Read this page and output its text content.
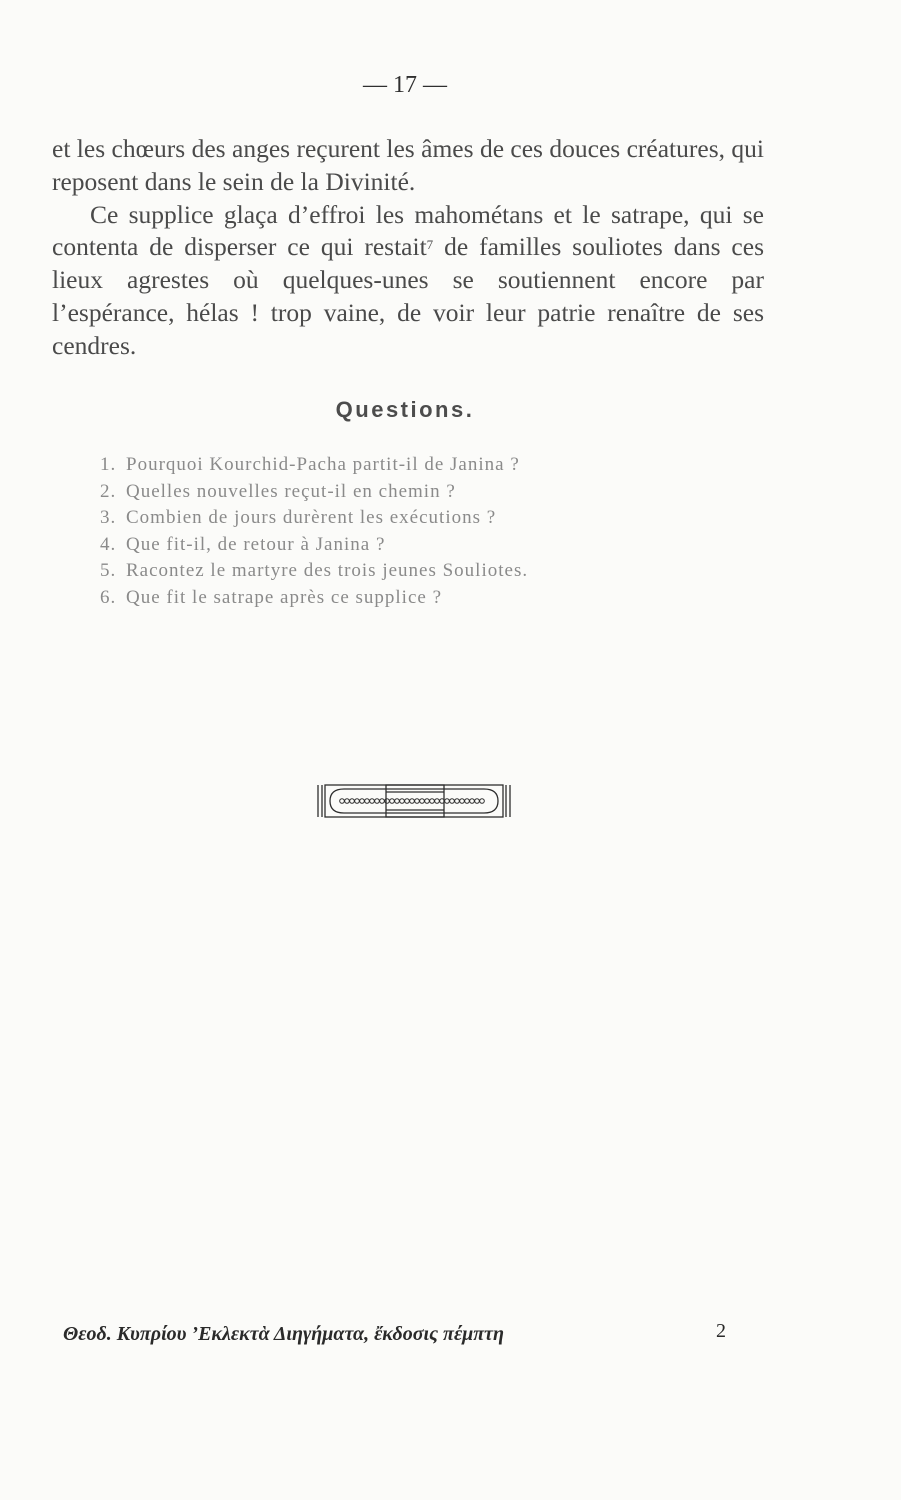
— 17 —

et les chœurs des anges reçurent les âmes de ces douces créatures, qui reposent dans le sein de la Divinité.

Ce supplice glaça d’effroi les mahométans et le satrape, qui se contenta de disperser ce qui restait$^7$ de familles souliotes dans ces lieux agrestes où quelques-unes se soutiennent encore par l’espérance, hélas ! trop vaine, de voir leur patrie renaître de ses cendres.

Questions.
1. Pourquoi Kourchid-Pacha partit-il de Janina ?
2. Quelles nouvelles reçut-il en chemin ?
3. Combien de jours durèrent les exécutions ?
4. Que fit-il, de retour à Janina ?
5. Racontez le martyre des trois jeunes Souliotes.
6. Que fit le satrape après ce supplice ?
Θεοδ. Κυπρίου ’Εκλεκτὰ Διηγήματα, ἔκδοσις πέμπτη	2
